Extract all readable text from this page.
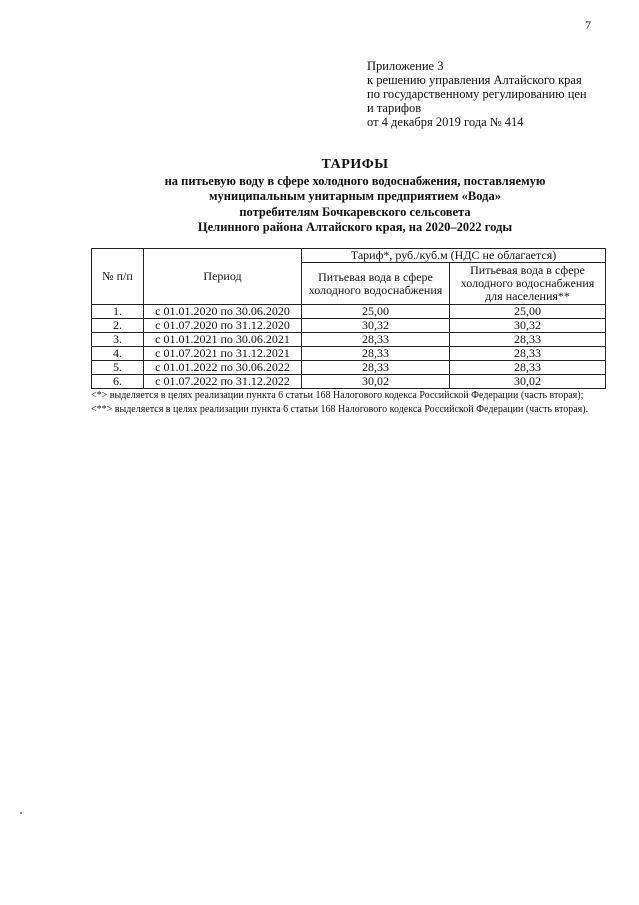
7
Приложение 3
к решению управления Алтайского края
по государственному регулированию цен
и тарифов
от 4 декабря 2019 года № 414
ТАРИФЫ
на питьевую воду в сфере холодного водоснабжения, поставляемую
муниципальным унитарным предприятием «Вода»
потребителям Бочкаревского сельсовета
Целинного района Алтайского края, на 2020–2022 годы
№ п/п	Период	Тариф*, руб./куб.м (НДС не облагается)	
		Питьевая вода в сфере холодного водоснабжения	Питьевая вода в сфере холодного водоснабжения для населения**
1.	с 01.01.2020 по 30.06.2020	25,00	25,00
2.	с 01.07.2020 по 31.12.2020	30,32	30,32
3.	с 01.01.2021 по 30.06.2021	28,33	28,33
4.	с 01.07.2021 по 31.12.2021	28,33	28,33
5.	с 01.01.2022 по 30.06.2022	28,33	28,33
6.	с 01.07.2022 по 31.12.2022	30,02	30,02

<*> выделяется в целях реализации пункта 6 статьи 168 Налогового кодекса Российской Федерации (часть вторая);

<**> выделяется в целях реализации пункта 6 статьи 168 Налогового кодекса Российской Федерации (часть вторая).
